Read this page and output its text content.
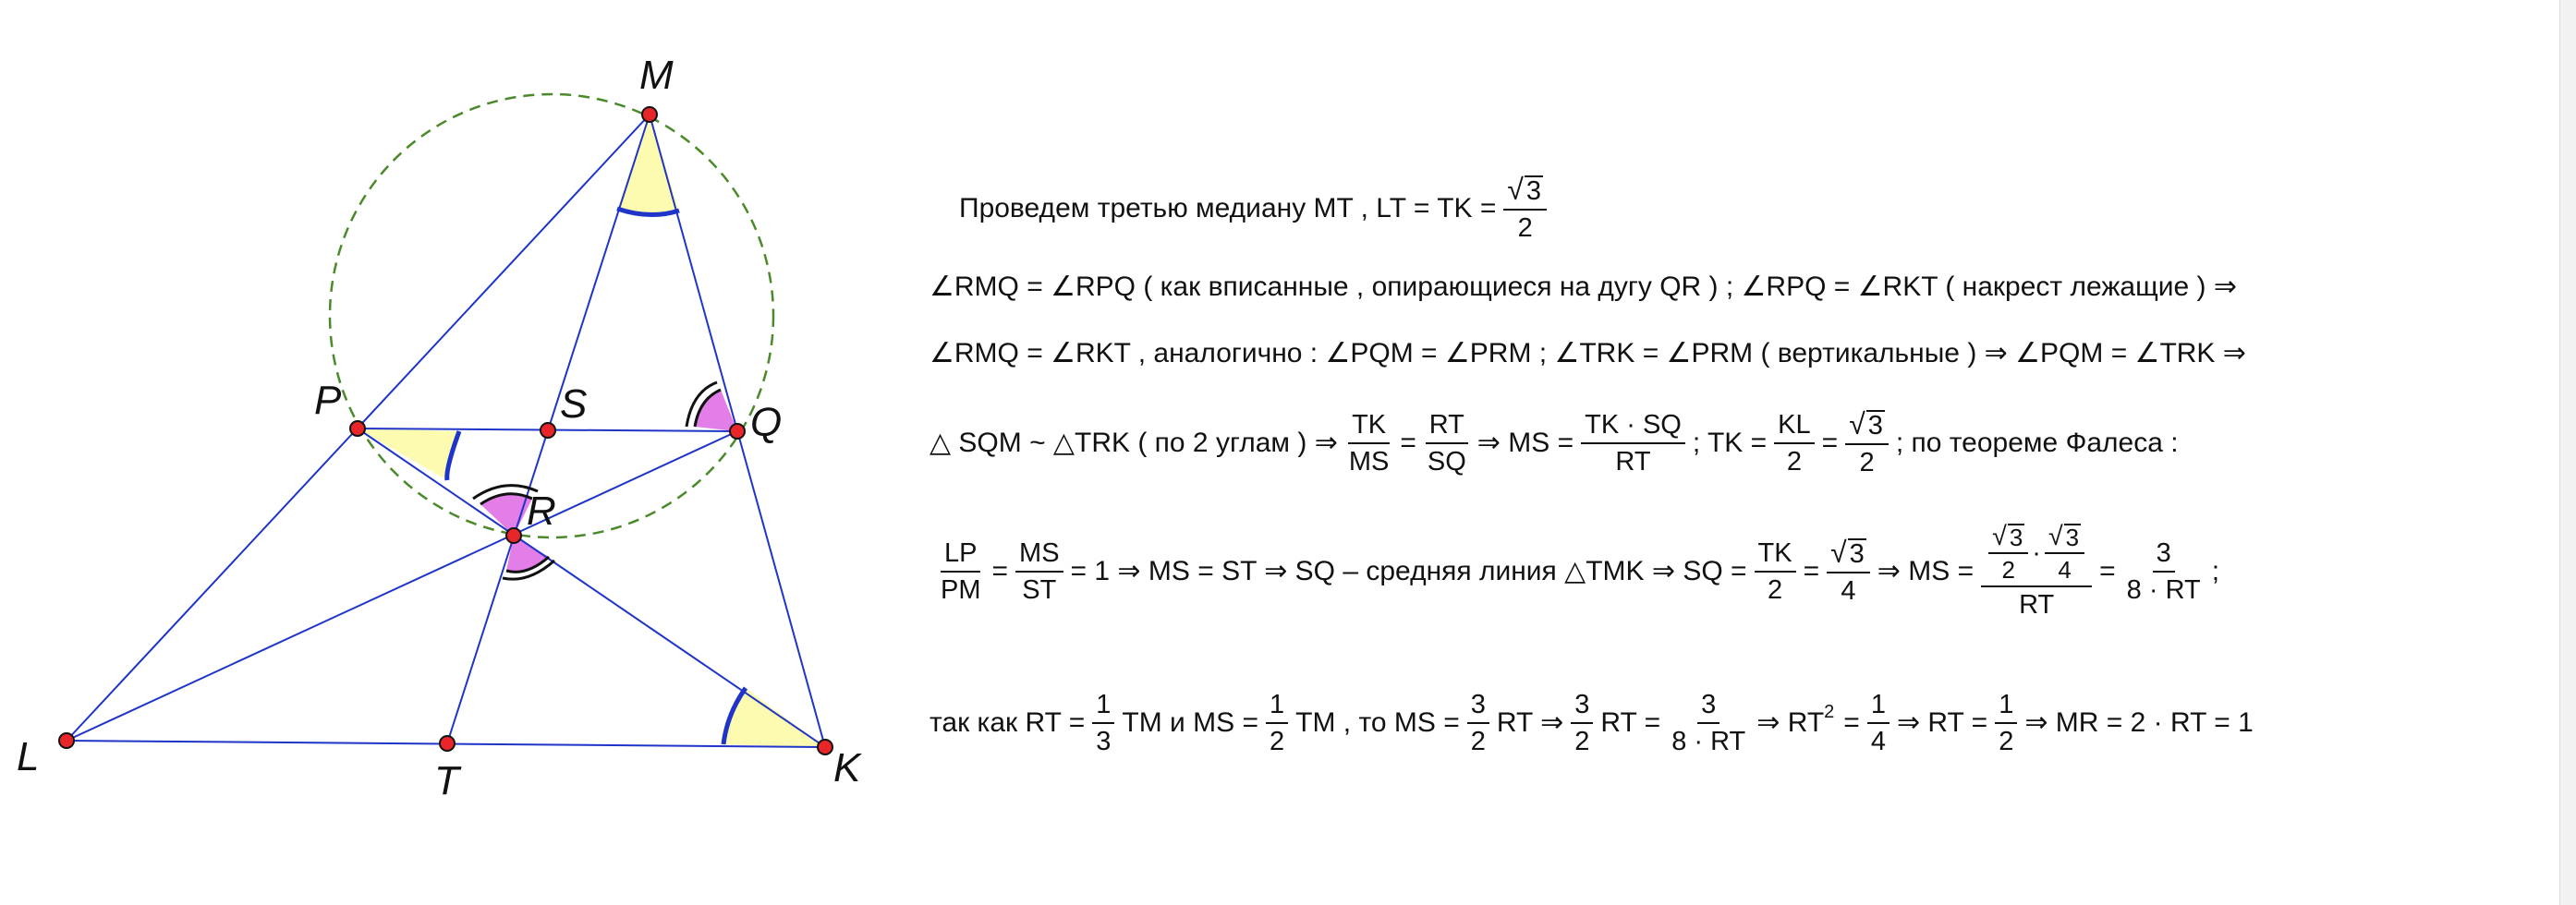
M
P	S	Q
R
L
T	K
Проведем третью медиану MT , LT = TK = $\frac{√ 3}{2}$
∠RMQ = ∠RPQ ( как вписанные , опирающиеся на дугу QR ) ; ∠RPQ = ∠RKT ( накрест лежащие ) ⇒
∠RMQ = ∠RKT , аналогично : ∠PQM = ∠PRM ; ∠TRK = ∠PRM ( вертикальные ) ⇒ ∠PQM = ∠TRK ⇒
△ SQM ~ △TRK ( по 2 углам ) ⇒ $\frac{TK}{MS} = \frac{RT}{SQ}$ ⇒ MS = $\frac{TK \cdot SQ}{RT}$ ; TK = $\frac{KL}{2} = \frac{√ 3}{2}$ ; по теореме Фалеса :
$\frac{LP}{PM} = \frac{MS}{ST} = 1$ ⇒ MS = ST ⇒ SQ – средняя линия △TMK ⇒ SQ = $\frac{TK}{2} = \frac{√ 3}{4}$ ⇒ MS = $\frac{√ 3}{2} \cdot \frac{√ 3}{4}$
RT
= $\frac{3}{8 \cdot RT}$ ;
так как RT = $\frac{1}{3}$ TM и MS = $\frac{1}{2}$ TM , то MS = $\frac{3}{2}$ RT ⇒ $\frac{3}{2}$ RT = $\frac{3}{8 \cdot RT}$ ⇒ RT $2 = \frac{1}{4}$ ⇒ RT = $\frac{1}{2}$ ⇒ MR = 2 · RT = 1
